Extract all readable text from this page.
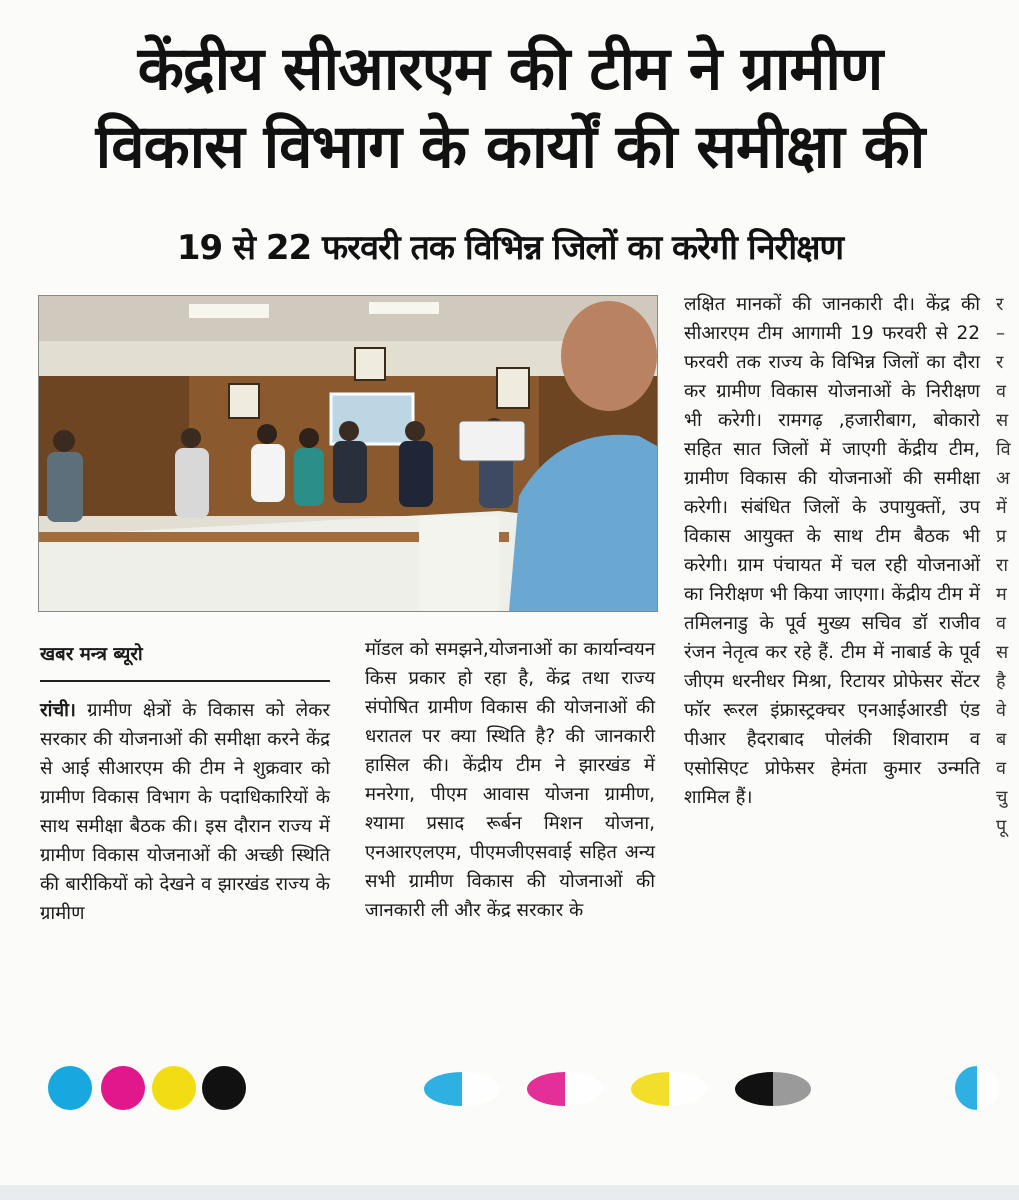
केंद्रीय सीआरएम की टीम ने ग्रामीण
विकास विभाग के कार्यों की समीक्षा की
19 से 22 फरवरी तक विभिन्न जिलों का करेगी निरीक्षण
खबर मन्त्र ब्यूरो

रांची। ग्रामीण क्षेत्रों के विकास को लेकर सरकार की योजनाओं की समीक्षा करने केंद्र से आई सीआरएम की टीम ने शुक्रवार को ग्रामीण विकास विभाग के पदाधिकारियों के साथ समीक्षा बैठक की। इस दौरान राज्य में ग्रामीण विकास योजनाओं की अच्छी स्थिति की बारीकियों को देखने व झारखंड राज्य के ग्रामीण

मॉडल को समझने,योजनाओं का कार्यान्वयन किस प्रकार हो रहा है, केंद्र तथा राज्य संपोषित ग्रामीण विकास की योजनाओं की धरातल पर क्या स्थिति है? की जानकारी हासिल की। केंद्रीय टीम ने झारखंड में मनरेगा, पीएम आवास योजना ग्रामीण, श्यामा प्रसाद रूर्बन मिशन योजना, एनआरएलएम, पीएमजीएसवाई सहित अन्य सभी ग्रामीण विकास की योजनाओं की जानकारी ली और केंद्र सरकार के

लक्षित मानकों की जानकारी दी। केंद्र की सीआरएम टीम आगामी 19 फरवरी से 22 फरवरी तक राज्य के विभिन्न जिलों का दौरा कर ग्रामीण विकास योजनाओं के निरीक्षण भी करेगी। रामगढ़ ,हजारीबाग, बोकारो सहित सात जिलों में जाएगी केंद्रीय टीम, ग्रामीण विकास की योजनाओं की समीक्षा करेगी। संबंधित जिलों के उपायुक्तों, उप विकास आयुक्त के साथ टीम बैठक भी करेगी। ग्राम पंचायत में चल रही योजनाओं का निरीक्षण भी किया जाएगा। केंद्रीय टीम में तमिलनाडु के पूर्व मुख्य सचिव डॉ राजीव रंजन नेतृत्व कर रहे हैं. टीम में नाबार्ड के पूर्व जीएम धरनीधर मिश्रा, रिटायर प्रोफेसर सेंटर फॉर रूरल इंफ्रास्ट्रक्चर एनआईआरडी एंड पीआर हैदराबाद पोलंकी शिवाराम व एसोसिएट प्रोफेसर हेमंता कुमार उन्मति शामिल हैं।

र
–
र
व
स
वि
अ
में
प्र
रा
म
व
स
है
वे
ब
व
चु
पू
